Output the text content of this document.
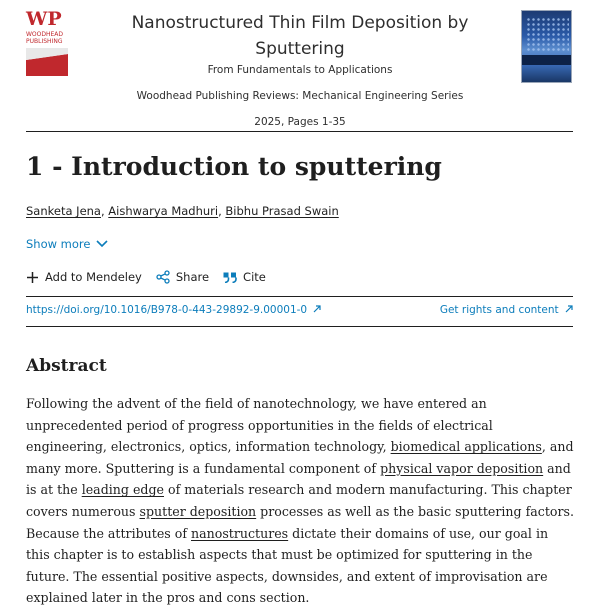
WP
WOODHEAD PUBLISHING
Nanostructured Thin Film Deposition by Sputtering
From Fundamentals to Applications
Woodhead Publishing Reviews: Mechanical Engineering Series
2025, Pages 1-35
1 - Introduction to sputtering
Sanketa Jena, Aishwarya Madhuri, Bibhu Prasad Swain
Show more
Add to Mendeley	Share	Cite
https://doi.org/10.1016/B978-0-443-29892-9.00001-0	Get rights and content
Abstract

Following the advent of the field of nanotechnology, we have entered an unprecedented period of progress opportunities in the fields of electrical engineering, electronics, optics, information technology, biomedical applications, and many more. Sputtering is a fundamental component of physical vapor deposition and is at the leading edge of materials research and modern manufacturing. This chapter covers numerous sputter deposition processes as well as the basic sputtering factors. Because the attributes of nanostructures dictate their domains of use, our goal in this chapter is to establish aspects that must be optimized for sputtering in the future. The essential positive aspects, downsides, and extent of improvisation are explained later in the pros and cons section.
